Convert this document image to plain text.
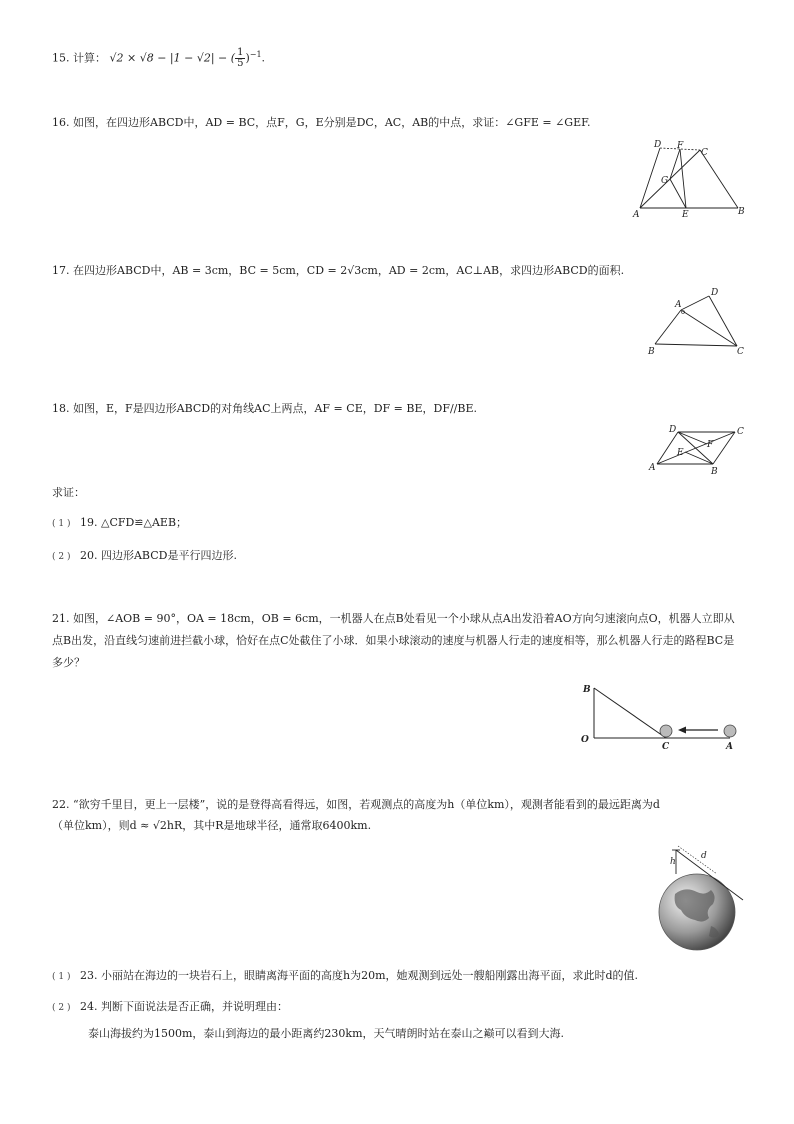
15. 计算： √2 × √8 − |1 − √2| − ( $\frac{1}{5} )^{-1}$.
16. 如图，在四边形ABCD中，AD = BC，点F，G，E分别是DC，AC，AB的中点，求证：∠GFE = ∠GEF.
A	B
C
D
E
F
G
17. 在四边形ABCD中，AB = 3cm，BC = 5cm，CD = 2√3cm，AD = 2cm，AC⊥AB，求四边形ABCD的面积.
B
A
D
C
18. 如图，E，F是四边形ABCD的对角线AC上两点，AF = CE，DF = BE，DF//BE.
A	B
C
D
E
F
求证：
( 1 ) 19. △CFD≌△AEB；
( 2 ) 20. 四边形ABCD是平行四边形.
21. 如图，∠AOB = 90°，OA = 18cm，OB = 6cm，一机器人在点B处看见一个小球从点A出发沿着AO方向匀速滚向点O，机器人立即从点B出发，沿直线匀速前进拦截小球，恰好在点C处截住了小球．如果小球滚动的速度与机器人行走的速度相等，那么机器人行走的路程BC是多少？
O
B
C	A
22. “欲穷千里目，更上一层楼”，说的是登得高看得远，如图，若观测点的高度为h（单位km），观测者能看到的最远距离为d
（单位km），则d ≈ √2hR，其中R是地球半径，通常取6400km.
h
d
( 1 ) 23. 小丽站在海边的一块岩石上，眼睛离海平面的高度h为20m，她观测到远处一艘船刚露出海平面，求此时d的值.
( 2 ) 24. 判断下面说法是否正确，并说明理由：
泰山海拔约为1500m，泰山到海边的最小距离约230km，天气晴朗时站在泰山之巅可以看到大海.
